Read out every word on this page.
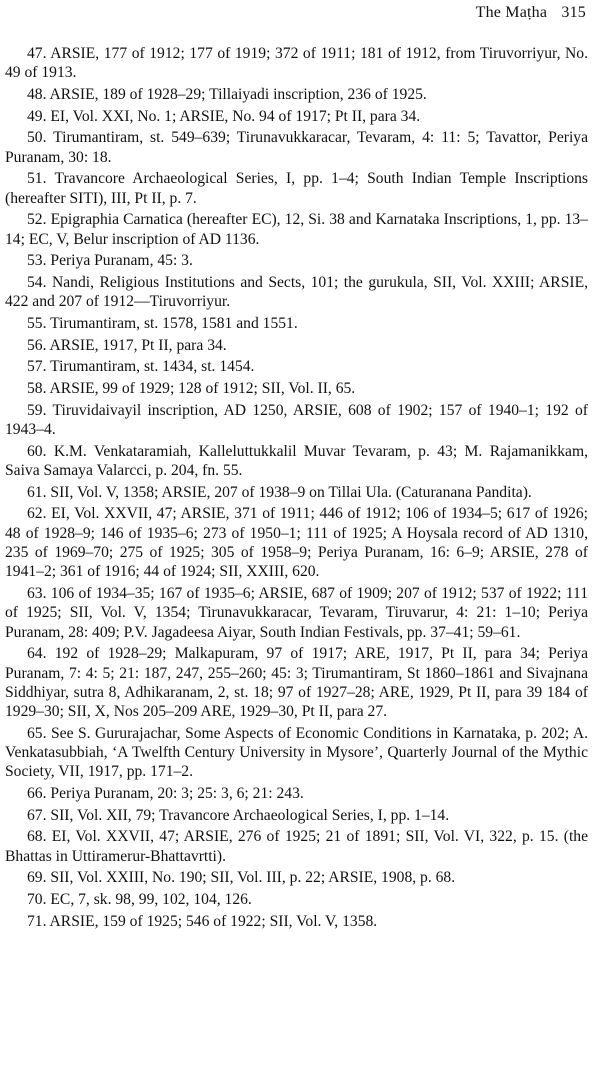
The Maṭha 315

47. ARSIE, 177 of 1912; 177 of 1919; 372 of 1911; 181 of 1912, from Tiruvorriyur, No. 49 of 1913.

48. ARSIE, 189 of 1928–29; Tillaiyadi inscription, 236 of 1925.

49. EI, Vol. XXI, No. 1; ARSIE, No. 94 of 1917; Pt II, para 34.

50. Tirumantiram, st. 549–639; Tirunavukkaracar, Tevaram, 4: 11: 5; Tavattor, Periya Puranam, 30: 18.

51. Travancore Archaeological Series, I, pp. 1–4; South Indian Temple Inscriptions (hereafter SITI), III, Pt II, p. 7.

52. Epigraphia Carnatica (hereafter EC), 12, Si. 38 and Karnataka Inscriptions, 1, pp. 13–14; EC, V, Belur inscription of AD 1136.

53. Periya Puranam, 45: 3.

54. Nandi, Religious Institutions and Sects, 101; the gurukula, SII, Vol. XXIII; ARSIE, 422 and 207 of 1912—Tiruvorriyur.

55. Tirumantiram, st. 1578, 1581 and 1551.

56. ARSIE, 1917, Pt II, para 34.

57. Tirumantiram, st. 1434, st. 1454.

58. ARSIE, 99 of 1929; 128 of 1912; SII, Vol. II, 65.

59. Tiruvidaivayil inscription, AD 1250, ARSIE, 608 of 1902; 157 of 1940–1; 192 of 1943–4.

60. K.M. Venkataramiah, Kalleluttukkalil Muvar Tevaram, p. 43; M. Rajamanikkam, Saiva Samaya Valarcci, p. 204, fn. 55.

61. SII, Vol. V, 1358; ARSIE, 207 of 1938–9 on Tillai Ula. (Caturanana Pandita).

62. EI, Vol. XXVII, 47; ARSIE, 371 of 1911; 446 of 1912; 106 of 1934–5; 617 of 1926; 48 of 1928–9; 146 of 1935–6; 273 of 1950–1; 111 of 1925; A Hoysala record of AD 1310, 235 of 1969–70; 275 of 1925; 305 of 1958–9; Periya Puranam, 16: 6–9; ARSIE, 278 of 1941–2; 361 of 1916; 44 of 1924; SII, XXIII, 620.

63. 106 of 1934–35; 167 of 1935–6; ARSIE, 687 of 1909; 207 of 1912; 537 of 1922; 111 of 1925; SII, Vol. V, 1354; Tirunavukkaracar, Tevaram, Tiruvarur, 4: 21: 1–10; Periya Puranam, 28: 409; P.V. Jagadeesa Aiyar, South Indian Festivals, pp. 37–41; 59–61.

64. 192 of 1928–29; Malkapuram, 97 of 1917; ARE, 1917, Pt II, para 34; Periya Puranam, 7: 4: 5; 21: 187, 247, 255–260; 45: 3; Tirumantiram, St 1860–1861 and Sivajnana Siddhiyar, sutra 8, Adhikaranam, 2, st. 18; 97 of 1927–28; ARE, 1929, Pt II, para 39 184 of 1929–30; SII, X, Nos 205–209 ARE, 1929–30, Pt II, para 27.

65. See S. Gururajachar, Some Aspects of Economic Conditions in Karnataka, p. 202; A. Venkatasubbiah, ‘A Twelfth Century University in Mysore’, Quarterly Journal of the Mythic Society, VII, 1917, pp. 171–2.

66. Periya Puranam, 20: 3; 25: 3, 6; 21: 243.

67. SII, Vol. XII, 79; Travancore Archaeological Series, I, pp. 1–14.

68. EI, Vol. XXVII, 47; ARSIE, 276 of 1925; 21 of 1891; SII, Vol. VI, 322, p. 15. (the Bhattas in Uttiramerur-Bhattavrtti).

69. SII, Vol. XXIII, No. 190; SII, Vol. III, p. 22; ARSIE, 1908, p. 68.

70. EC, 7, sk. 98, 99, 102, 104, 126.

71. ARSIE, 159 of 1925; 546 of 1922; SII, Vol. V, 1358.
